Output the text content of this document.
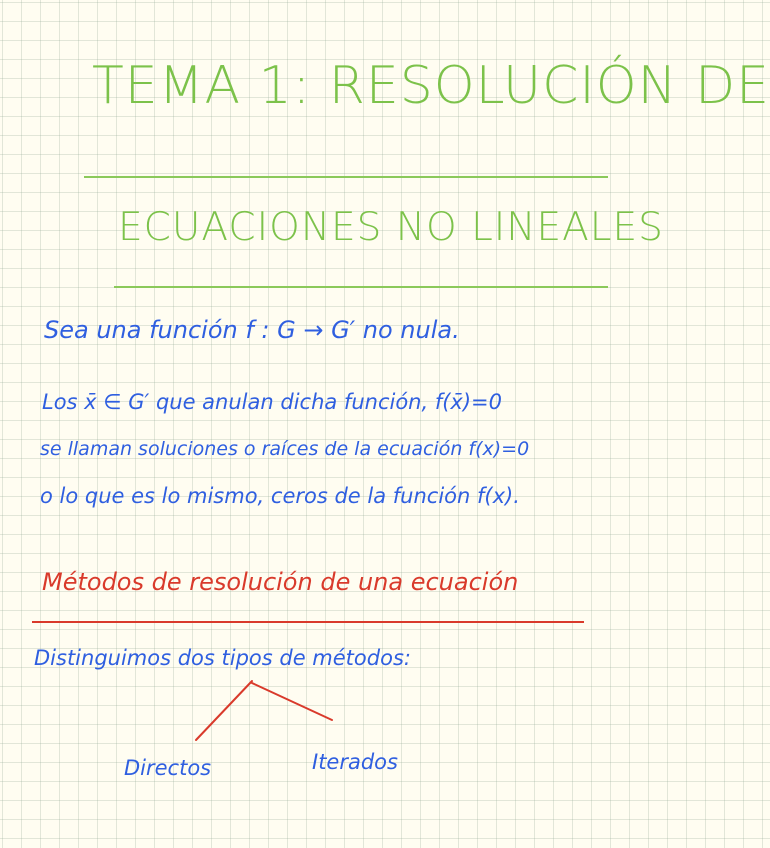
TEMA 1: RESOLUCIÓN DE
ECUACIONES NO LINEALES
Sea una función f : G → G′ no nula.
Los x̄ ∈ G′ que anulan dicha función, f(x̄)=0
se llaman soluciones o raíces de la ecuación f(x)=0
o lo que es lo mismo, ceros de la función f(x).
Métodos de resolución de una ecuación
Distinguimos dos tipos de métodos:
Directos	Iterados
